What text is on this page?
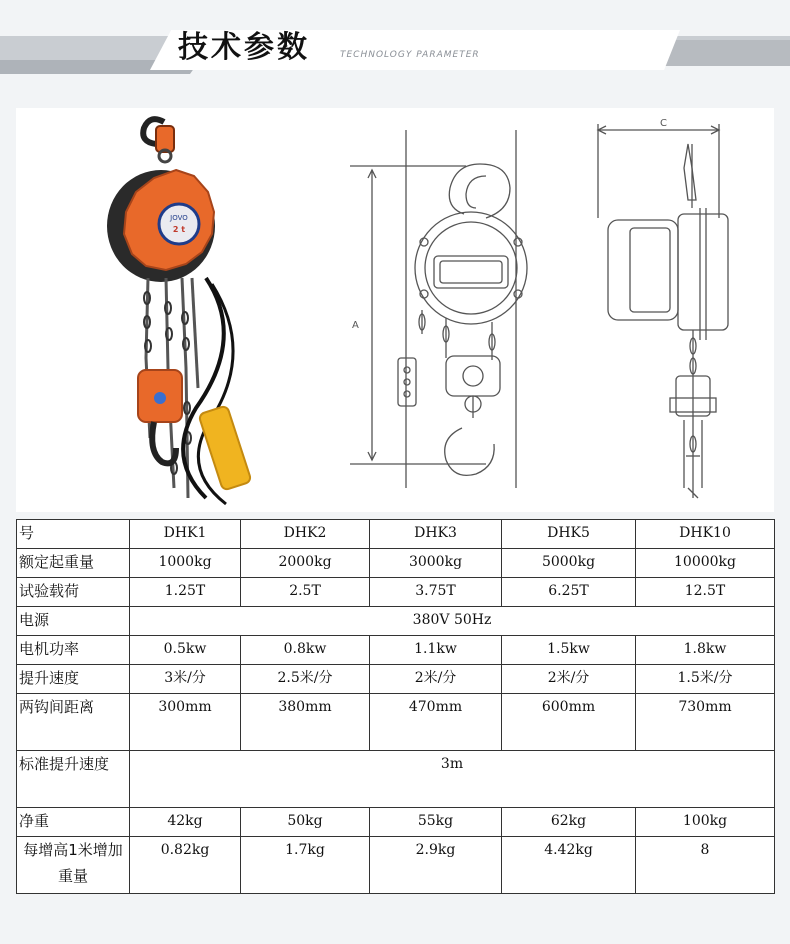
技术参数	TECHNOLOGY PARAMETER
JOVO
2 t
A
C
号	DHK1	DHK2	DHK3	DHK5	DHK10
额定起重量	1000kg	2000kg	3000kg	5000kg	10000kg
试验载荷	1.25T	2.5T	3.75T	6.25T	12.5T
电源	380V 50Hz				
电机功率	0.5kw	0.8kw	1.1kw	1.5kw	1.8kw
提升速度	3米/分	2.5米/分	2米/分	2米/分	1.5米/分
两钩间距离	300mm	380mm	470mm	600mm	730mm
标准提升速度	3m				
净重	42kg	50kg	55kg	62kg	100kg
每增高1米增加重量	0.82kg	1.7kg	2.9kg	4.42kg	8
